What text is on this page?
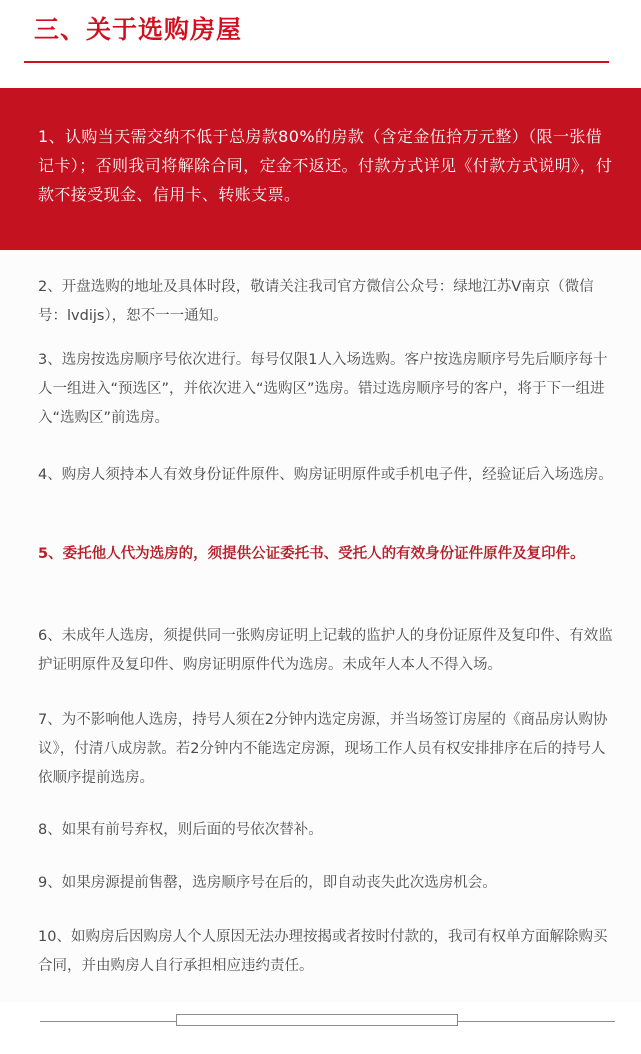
三、关于选购房屋

1、认购当天需交纳不低于总房款80%的房款（含定金伍拾万元整）（限一张借记卡）；否则我司将解除合同，定金不返还。付款方式详见《付款方式说明》，付款不接受现金、信用卡、转账支票。

2、开盘选购的地址及具体时段，敬请关注我司官方微信公众号：绿地江苏V南京（微信号：lvdijs），恕不一一通知。

3、选房按选房顺序号依次进行。每号仅限1人入场选购。客户按选房顺序号先后顺序每十人一组进入“预选区”，并依次进入“选购区”选房。错过选房顺序号的客户，将于下一组进入“选购区”前选房。

4、购房人须持本人有效身份证件原件、购房证明原件或手机电子件，经验证后入场选房。

5、委托他人代为选房的，须提供公证委托书、受托人的有效身份证件原件及复印件。

6、未成年人选房，须提供同一张购房证明上记载的监护人的身份证原件及复印件、有效监护证明原件及复印件、购房证明原件代为选房。未成年人本人不得入场。

7、为不影响他人选房，持号人须在2分钟内选定房源，并当场签订房屋的《商品房认购协议》，付清八成房款。若2分钟内不能选定房源，现场工作人员有权安排排序在后的持号人依顺序提前选房。

8、如果有前号弃权，则后面的号依次替补。

9、如果房源提前售罄，选房顺序号在后的，即自动丧失此次选房机会。

10、如购房后因购房人个人原因无法办理按揭或者按时付款的，我司有权单方面解除购买合同，并由购房人自行承担相应违约责任。
